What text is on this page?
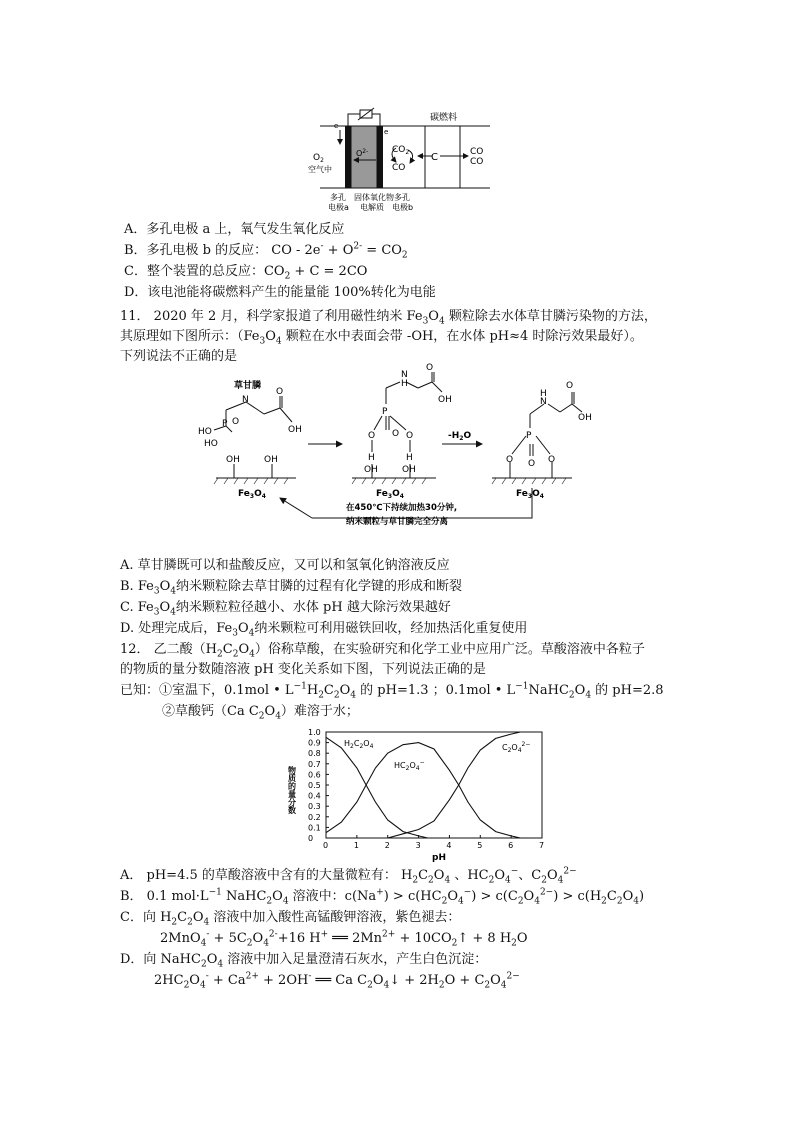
碳燃料
$O_2$
空气中
$O^{2-}$	$CO_2$
CO
C	CO
CO
e
e
多孔
电极a
固体氧化物
电解质
多孔
电极b
A．多孔电极 a 上，氧气发生氧化反应
B．多孔电极 b 的反应： CO - $2e^- + O^{2-} = CO_2$
C．整个装置的总反应：$CO_2 + C = 2CO$
D．该电池能将碳燃料产生的能量能 100%转化为电能
11． 2020 年 2 月，科学家报道了利用磁性纳米 $Fe_3O_4$ 颗粒除去水体草甘膦污染物的方法，
其原理如下图所示：（$Fe_3O_4$ 颗粒在水中表面会带 -OH，在水体 pH≈4 时除污效果最好）。
下列说法不正确的是
草甘膦
N
P O
HO
HO
O
OH
OH	OH
$Fe_3O_4$
H
N
O
OH
P
O
O	O
H	H
OH	OH
$Fe_3O_4$
$-H_2O$
N
H
O
OH
P
O O O
$Fe_3O_4$
在450℃下持续加热30分钟,
纳米颗粒与草甘膦完全分离
A. 草甘膦既可以和盐酸反应，又可以和氢氧化钠溶液反应
B. $Fe_3O_4$纳米颗粒除去草甘膦的过程有化学键的形成和断裂
C. $Fe_3O_4$纳米颗粒粒径越小、水体 pH 越大除污效果越好
D. 处理完成后，$Fe_3O_4$纳米颗粒可利用磁铁回收，经加热活化重复使用
12． 乙二酸$(H_2C_2O_4)$俗称草酸，在实验研究和化学工业中应用广泛。草酸溶液中各粒子
的物质的量分数随溶液 pH 变化关系如下图，下列说法正确的是
已知：①室温下，0.1mol • $L^{-1}H_2C_2O_4$ 的 pH=1.3 ；0.1mol • $L^{-1}NaHC_2O_4$ 的 pH=2.8
②草酸钙（Ca $C_2O_4$）难溶于水；
0	1	2	3	4	5	6	7
0
0.1
0.2
0.3
0.4
0.5
0.6
0.7
0.8
0.9
1.0
$H_2C_2O_4$
$HC_2O_4^-$
$C_2O_4^{2-}$
物质的量分数
pH
A． pH=4.5 的草酸溶液中含有的大量微粒有： $H_2C_2O_4$ 、$HC_2O_4^-$、$C_2O_4^{2-}$
B． 0.1 $mol\cdot L^{-1}$ $NaHC_2O_4$ 溶液中：$c(Na^+) > c(HC_2O_4^-) > c(C_2O_4^{2-}) > c(H_2C_2O_4)$
C．向 $H_2C_2O_4$ 溶液中加入酸性高锰酸钾溶液，紫色褪去：
$2MnO_4^- + 5C_2O_4^{2-}+16$ H+ ══ $2Mn^{2+}$ + $10CO_2↑ + 8$ $H_2O$
D．向 $NaHC_2O_4$ 溶液中加入足量澄清石灰水，产生白色沉淀：
$2HC_2O_4^- + Ca^{2+} + 2OH^-$ ══ Ca $C_2O_4↓ + 2H_2O + C_2O_4^{2-}$
